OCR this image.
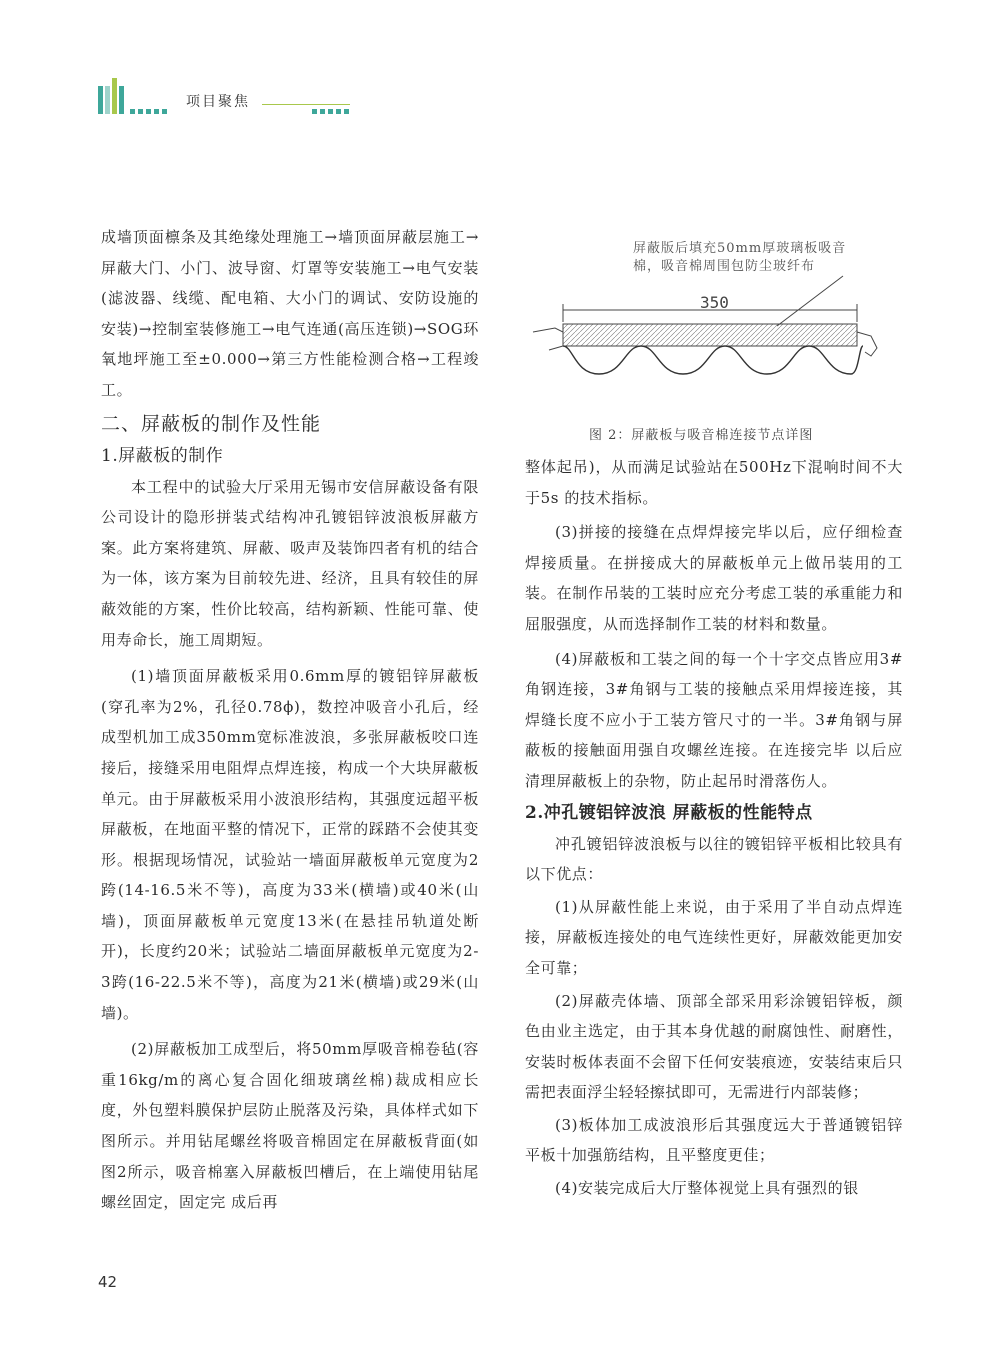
项目聚焦

成墙顶面檩条及其绝缘处理施工→墙顶面屏蔽层施工→屏蔽大门、小门、波导窗、灯罩等安装施工→电气安装(滤波器、线缆、配电箱、大小门的调试、安防设施的安装)→控制室装修施工→电气连通(高压连锁)→SOG环氧地坪施工至±0.000→第三方性能检测合格→工程竣工。

二、屏蔽板的制作及性能
1.屏蔽板的制作

本工程中的试验大厅采用无锡市安信屏蔽设备有限公司设计的隐形拼装式结构冲孔镀铝锌波浪板屏蔽方案。此方案将建筑、屏蔽、吸声及装饰四者有机的结合为一体，该方案为目前较先进、经济，且具有较佳的屏蔽效能的方案，性价比较高，结构新颖、性能可靠、使用寿命长，施工周期短。

(1)墙顶面屏蔽板采用0.6mm厚的镀铝锌屏蔽板(穿孔率为2%，孔径0.78ϕ)，数控冲吸音小孔后，经成型机加工成350mm宽标准波浪，多张屏蔽板咬口连接后，接缝采用电阻焊点焊连接，构成一个大块屏蔽板单元。由于屏蔽板采用小波浪形结构，其强度远超平板屏蔽板，在地面平整的情况下，正常的踩踏不会使其变形。根据现场情况，试验站一墙面屏蔽板单元宽度为2跨(14-16.5米不等)，高度为33米(横墙)或40米(山墙)，顶面屏蔽板单元宽度13米(在悬挂吊轨道处断开)，长度约20米；试验站二墙面屏蔽板单元宽度为2-3跨(16-22.5米不等)，高度为21米(横墙)或29米(山墙)。

(2)屏蔽板加工成型后，将50mm厚吸音棉卷毡(容重16kg/m的离心复合固化细玻璃丝棉)裁成相应长度，外包塑料膜保护层防止脱落及污染，具体样式如下图所示。并用钻尾螺丝将吸音棉固定在屏蔽板背面(如图2所示，吸音棉塞入屏蔽板凹槽后，在上端使用钻尾螺丝固定，固定完 成后再

屏蔽版后填充50mm厚玻璃板吸音
棉，吸音棉周围包防尘玻纤布
350
图 2：屏蔽板与吸音棉连接节点详图

整体起吊)，从而满足试验站在500Hz下混响时间不大于5s 的技术指标。

(3)拼接的接缝在点焊焊接完毕以后，应仔细检查焊接质量。在拼接成大的屏蔽板单元上做吊装用的工装。在制作吊装的工装时应充分考虑工装的承重能力和屈服强度，从而选择制作工装的材料和数量。

(4)屏蔽板和工装之间的每一个十字交点皆应用3#角钢连接，3#角钢与工装的接触点采用焊接连接，其焊缝长度不应小于工装方管尺寸的一半。3#角钢与屏蔽板的接触面用强自攻螺丝连接。在连接完毕 以后应清理屏蔽板上的杂物，防止起吊时滑落伤人。

2.冲孔镀铝锌波浪 屏蔽板的性能特点

冲孔镀铝锌波浪板与以往的镀铝锌平板相比较具有以下优点：

(1)从屏蔽性能上来说，由于采用了半自动点焊连接，屏蔽板连接处的电气连续性更好，屏蔽效能更加安全可靠；

(2)屏蔽壳体墙、顶部全部采用彩涂镀铝锌板，颜色由业主选定，由于其本身优越的耐腐蚀性、耐磨性，安装时板体表面不会留下任何安装痕迹，安装结束后只需把表面浮尘轻轻擦拭即可，无需进行内部装修；

(3)板体加工成波浪形后其强度远大于普通镀铝锌平板十加强筋结构，且平整度更佳；

(4)安装完成后大厅整体视觉上具有强烈的银

42
